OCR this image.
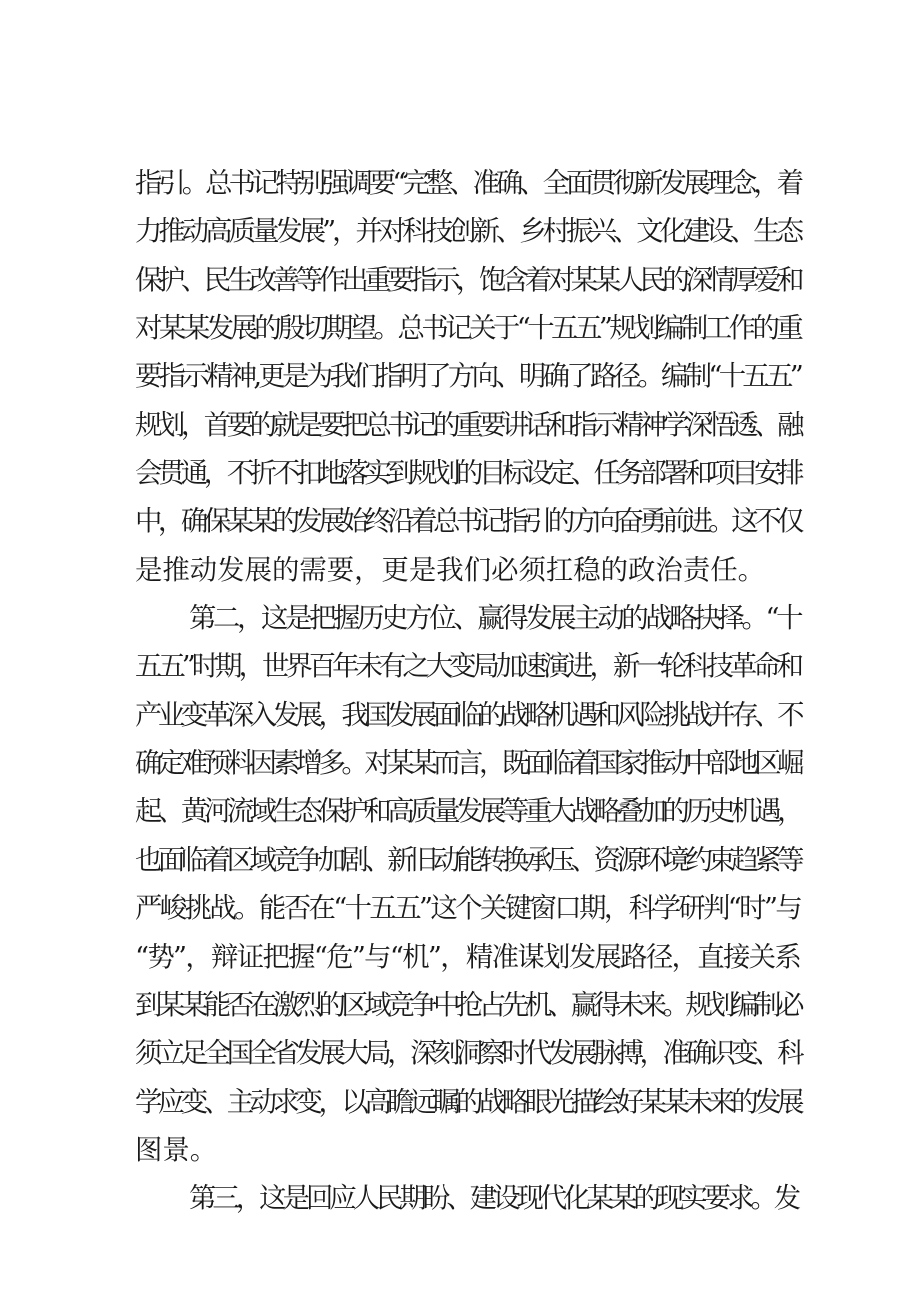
指引。总书记特别强调要“完整、准确、全面贯彻新发展理念，着
力推动高质量发展”，并对科技创新、乡村振兴、文化建设、生态
保护、民生改善等作出重要指示，饱含着对某某人民的深情厚爱和
对某某发展的殷切期望。总书记关于“十五五”规划编制工作的重
要指示精神,更是为我们指明了方向、明确了路径。编制“十五五”
规划，首要的就是要把总书记的重要讲话和指示精神学深悟透、融
会贯通，不折不扣地落实到规划的目标设定、任务部署和项目安排
中，确保某某的发展始终沿着总书记指引的方向奋勇前进。这不仅
是推动发展的需要，更是我们必须扛稳的政治责任。
第二，这是把握历史方位、赢得发展主动的战略抉择。“十
五五”时期，世界百年未有之大变局加速演进，新一轮科技革命和
产业变革深入发展，我国发展面临的战略机遇和风险挑战并存、不
确定难预料因素增多。对某某而言，既面临着国家推动中部地区崛
起、黄河流域生态保护和高质量发展等重大战略叠加的历史机遇，
也面临着区域竞争加剧、新旧动能转换承压、资源环境约束趋紧等
严峻挑战。能否在“十五五”这个关键窗口期，科学研判“时”与
“势”，辩证把握“危”与“机”，精准谋划发展路径，直接关系
到某某能否在激烈的区域竞争中抢占先机、赢得未来。规划编制必
须立足全国全省发展大局，深刻洞察时代发展脉搏，准确识变、科
学应变、主动求变，以高瞻远瞩的战略眼光描绘好某某未来的发展
图景。
第三，这是回应人民期盼、建设现代化某某的现实要求。发
